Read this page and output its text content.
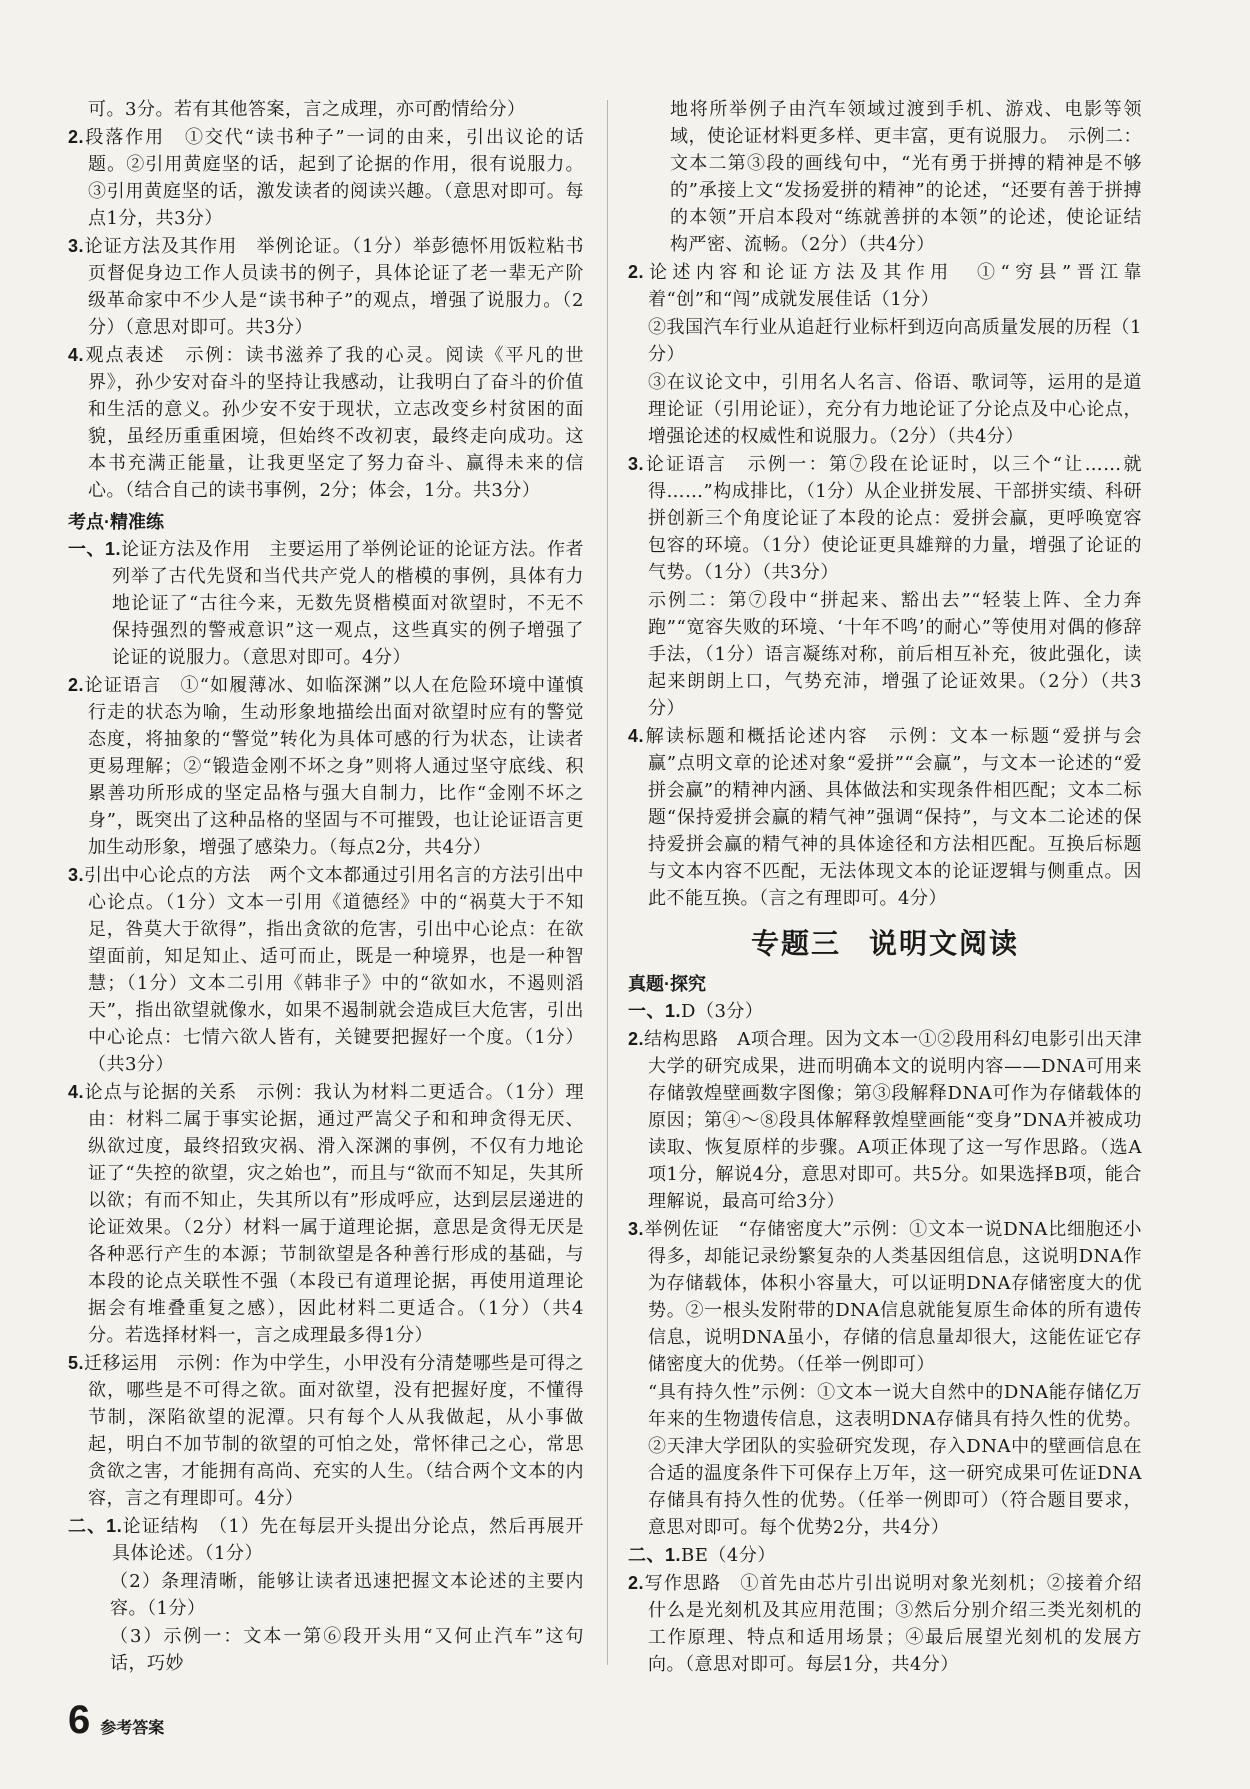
可。3分。若有其他答案，言之成理，亦可酌情给分）

2.段落作用　①交代“读书种子”一词的由来，引出议论的话题。②引用黄庭坚的话，起到了论据的作用，很有说服力。③引用黄庭坚的话，激发读者的阅读兴趣。（意思对即可。每点1分，共3分）

3.论证方法及其作用　举例论证。（1分）举彭德怀用饭粒粘书页督促身边工作人员读书的例子，具体论证了老一辈无产阶级革命家中不少人是“读书种子”的观点，增强了说服力。（2分）（意思对即可。共3分）

4.观点表述　示例：读书滋养了我的心灵。阅读《平凡的世界》，孙少安对奋斗的坚持让我感动，让我明白了奋斗的价值和生活的意义。孙少安不安于现状，立志改变乡村贫困的面貌，虽经历重重困境，但始终不改初衷，最终走向成功。这本书充满正能量，让我更坚定了努力奋斗、赢得未来的信心。（结合自己的读书事例，2分；体会，1分。共3分）

考点·精准练

一、1.论证方法及作用　主要运用了举例论证的论证方法。作者列举了古代先贤和当代共产党人的楷模的事例，具体有力地论证了“古往今来，无数先贤楷模面对欲望时，不无不保持强烈的警戒意识”这一观点，这些真实的例子增强了论证的说服力。（意思对即可。4分）

2.论证语言　①“如履薄冰、如临深渊”以人在危险环境中谨慎行走的状态为喻，生动形象地描绘出面对欲望时应有的警觉态度，将抽象的“警觉”转化为具体可感的行为状态，让读者更易理解；②“锻造金刚不坏之身”则将人通过坚守底线、积累善功所形成的坚定品格与强大自制力，比作“金刚不坏之身”，既突出了这种品格的坚固与不可摧毁，也让论证语言更加生动形象，增强了感染力。（每点2分，共4分）

3.引出中心论点的方法　两个文本都通过引用名言的方法引出中心论点。（1分）文本一引用《道德经》中的“祸莫大于不知足，咎莫大于欲得”，指出贪欲的危害，引出中心论点：在欲望面前，知足知止、适可而止，既是一种境界，也是一种智慧；（1分）文本二引用《韩非子》中的“欲如水，不遏则滔天”，指出欲望就像水，如果不遏制就会造成巨大危害，引出中心论点：七情六欲人皆有，关键要把握好一个度。（1分）（共3分）

4.论点与论据的关系　示例：我认为材料二更适合。（1分）理由：材料二属于事实论据，通过严嵩父子和和珅贪得无厌、纵欲过度，最终招致灾祸、滑入深渊的事例，不仅有力地论证了“失控的欲望，灾之始也”，而且与“欲而不知足，失其所以欲；有而不知止，失其所以有”形成呼应，达到层层递进的论证效果。（2分）材料一属于道理论据，意思是贪得无厌是各种恶行产生的本源；节制欲望是各种善行形成的基础，与本段的论点关联性不强（本段已有道理论据，再使用道理论据会有堆叠重复之感），因此材料二更适合。（1分）（共4分。若选择材料一，言之成理最多得1分）

5.迁移运用　示例：作为中学生，小甲没有分清楚哪些是可得之欲，哪些是不可得之欲。面对欲望，没有把握好度，不懂得节制，深陷欲望的泥潭。只有每个人从我做起，从小事做起，明白不加节制的欲望的可怕之处，常怀律己之心，常思贪欲之害，才能拥有高尚、充实的人生。（结合两个文本的内容，言之有理即可。4分）

二、1.论证结构　（1）先在每层开头提出分论点，然后再展开具体论述。（1分）

（2）条理清晰，能够让读者迅速把握文本论述的主要内容。（1分）

（3）示例一：文本一第⑥段开头用“又何止汽车”这句话，巧妙

地将所举例子由汽车领域过渡到手机、游戏、电影等领域，使论证材料更多样、更丰富，更有说服力。　示例二：文本二第③段的画线句中，“光有勇于拼搏的精神是不够的”承接上文“发扬爱拼的精神”的论述，“还要有善于拼搏的本领”开启本段对“练就善拼的本领”的论述，使论证结构严密、流畅。（2分）（共4分）

2.论述内容和论证方法及其作用　①“穷县”晋江靠着“创”和“闯”成就发展佳话（1分）

②我国汽车行业从追赶行业标杆到迈向高质量发展的历程（1分）

③在议论文中，引用名人名言、俗语、歌词等，运用的是道理论证（引用论证），充分有力地论证了分论点及中心论点，增强论述的权威性和说服力。（2分）（共4分）

3.论证语言　示例一：第⑦段在论证时，以三个“让……就得……”构成排比，（1分）从企业拼发展、干部拼实绩、科研拼创新三个角度论证了本段的论点：爱拼会赢，更呼唤宽容包容的环境。（1分）使论证更具雄辩的力量，增强了论证的气势。（1分）（共3分）

示例二：第⑦段中“拼起来、豁出去”“轻装上阵、全力奔跑”“宽容失败的环境、‘十年不鸣’的耐心”等使用对偶的修辞手法，（1分）语言凝练对称，前后相互补充，彼此强化，读起来朗朗上口，气势充沛，增强了论证效果。（2分）（共3分）

4.解读标题和概括论述内容　示例：文本一标题“爱拼与会赢”点明文章的论述对象“爱拼”“会赢”，与文本一论述的“爱拼会赢”的精神内涵、具体做法和实现条件相匹配；文本二标题“保持爱拼会赢的精气神”强调“保持”，与文本二论述的保持爱拼会赢的精气神的具体途径和方法相匹配。互换后标题与文本内容不匹配，无法体现文本的论证逻辑与侧重点。因此不能互换。（言之有理即可。4分）

专题三 说明文阅读

真题·探究

一、1.D（3分）

2.结构思路　A项合理。因为文本一①②段用科幻电影引出天津大学的研究成果，进而明确本文的说明内容——DNA可用来存储敦煌壁画数字图像；第③段解释DNA可作为存储载体的原因；第④～⑧段具体解释敦煌壁画能“变身”DNA并被成功读取、恢复原样的步骤。A项正体现了这一写作思路。（选A项1分，解说4分，意思对即可。共5分。如果选择B项，能合理解说，最高可给3分）

3.举例佐证　“存储密度大”示例：①文本一说DNA比细胞还小得多，却能记录纷繁复杂的人类基因组信息，这说明DNA作为存储载体，体积小容量大，可以证明DNA存储密度大的优势。②一根头发附带的DNA信息就能复原生命体的所有遗传信息，说明DNA虽小，存储的信息量却很大，这能佐证它存储密度大的优势。（任举一例即可）

“具有持久性”示例：①文本一说大自然中的DNA能存储亿万年来的生物遗传信息，这表明DNA存储具有持久性的优势。②天津大学团队的实验研究发现，存入DNA中的壁画信息在合适的温度条件下可保存上万年，这一研究成果可佐证DNA存储具有持久性的优势。（任举一例即可）（符合题目要求，意思对即可。每个优势2分，共4分）

二、1.BE（4分）

2.写作思路　①首先由芯片引出说明对象光刻机；②接着介绍什么是光刻机及其应用范围；③然后分别介绍三类光刻机的工作原理、特点和适用场景；④最后展望光刻机的发展方向。（意思对即可。每层1分，共4分）

6 参考答案
